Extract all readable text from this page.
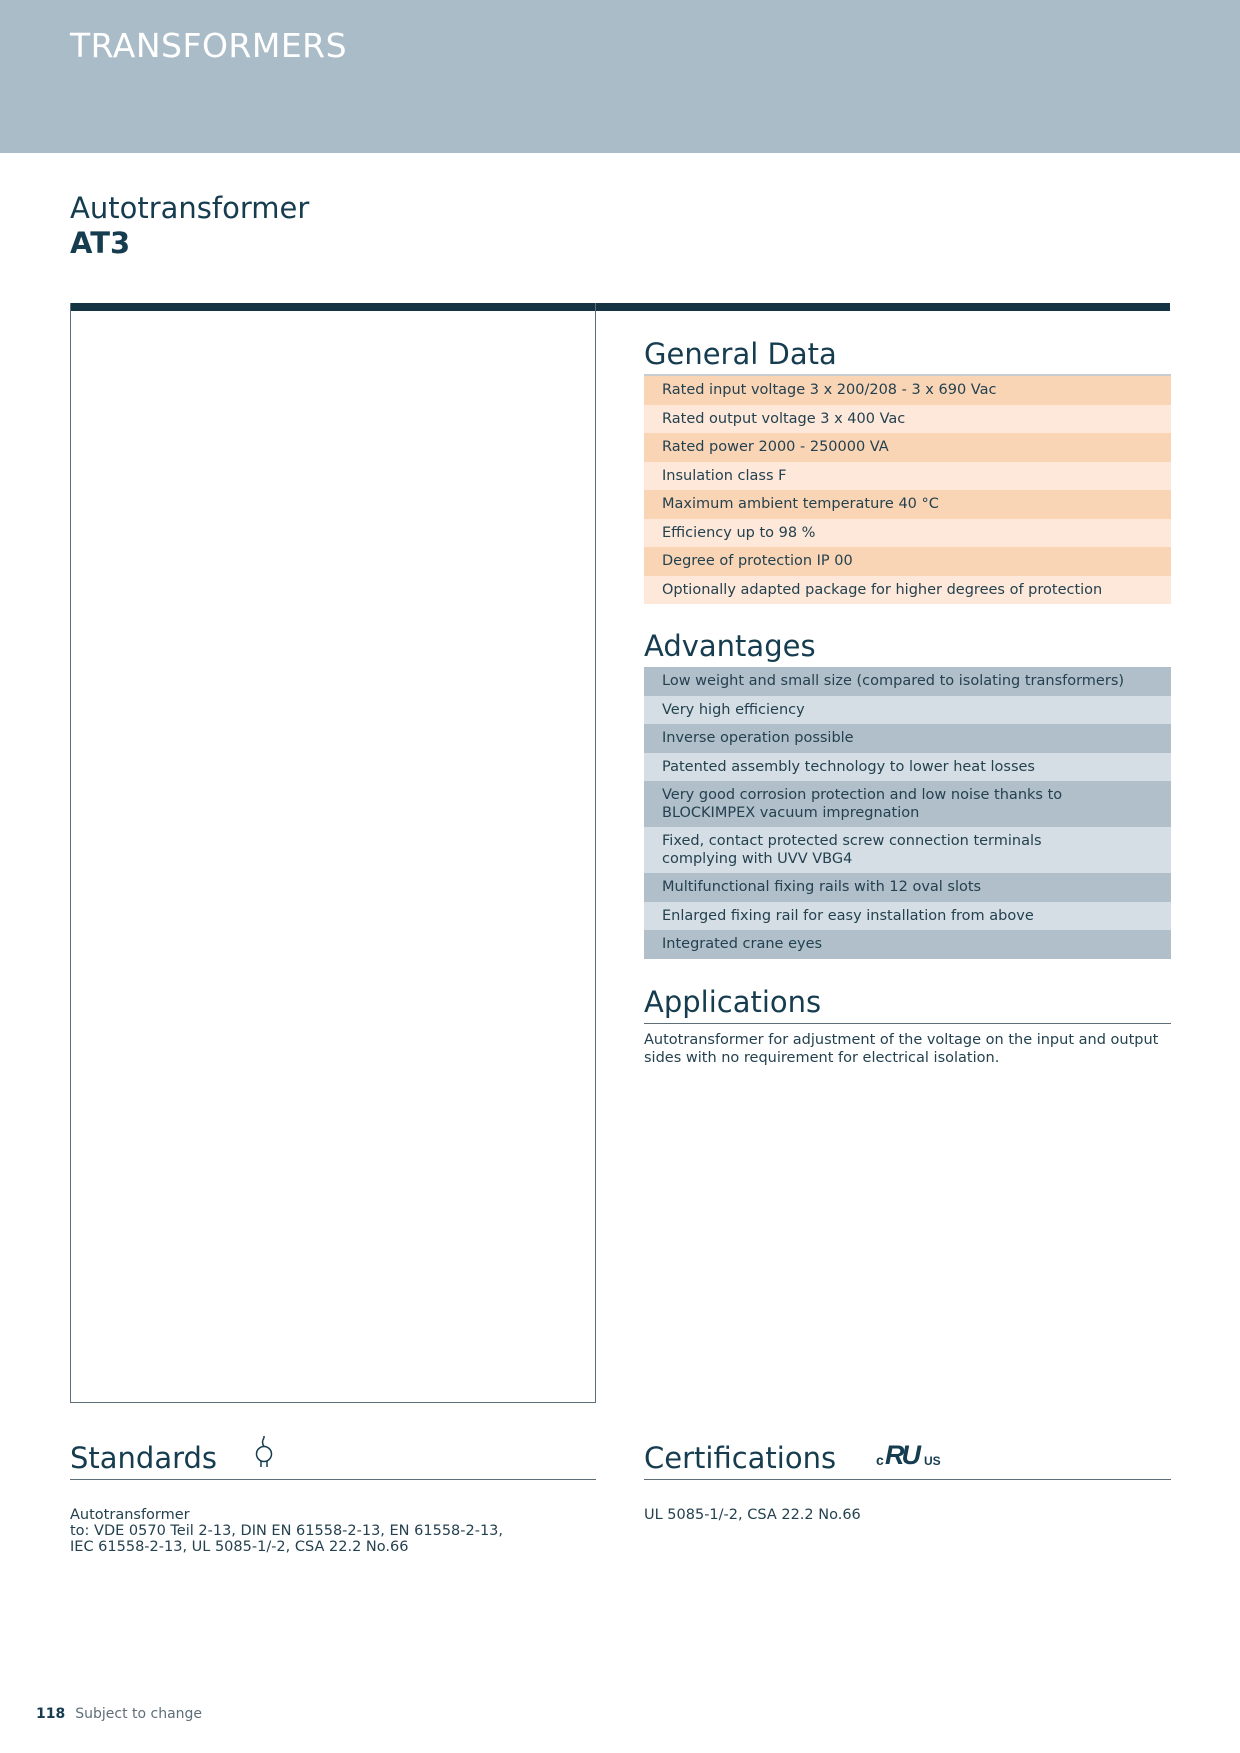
TRANSFORMERS
Autotransformer
AT3
General Data
Rated input voltage 3 x 200/208 - 3 x 690 Vac
Rated output voltage 3 x 400 Vac
Rated power 2000 - 250000 VA
Insulation class F
Maximum ambient temperature 40 °C
Efficiency up to 98 %
Degree of protection IP 00
Optionally adapted package for higher degrees of protection
Advantages
Low weight and small size (compared to isolating transformers)
Very high efficiency
Inverse operation possible
Patented assembly technology to lower heat losses
Very good corrosion protection and low noise thanks to BLOCKIMPEX vacuum impregnation
Fixed, contact protected screw connection terminals complying with UVV VBG4
Multifunctional fixing rails with 12 oval slots
Enlarged fixing rail for easy installation from above
Integrated crane eyes
Applications
Autotransformer for adjustment of the voltage on the input and output sides with no requirement for electrical isolation.
Standards
Autotransformer
to: VDE 0570 Teil 2-13, DIN EN 61558-2-13, EN 61558-2-13,
IEC 61558-2-13, UL 5085-1/-2, CSA 22.2 No.66
Certifications	c RU US
UL 5085-1/-2, CSA 22.2 No.66
118 Subject to change
